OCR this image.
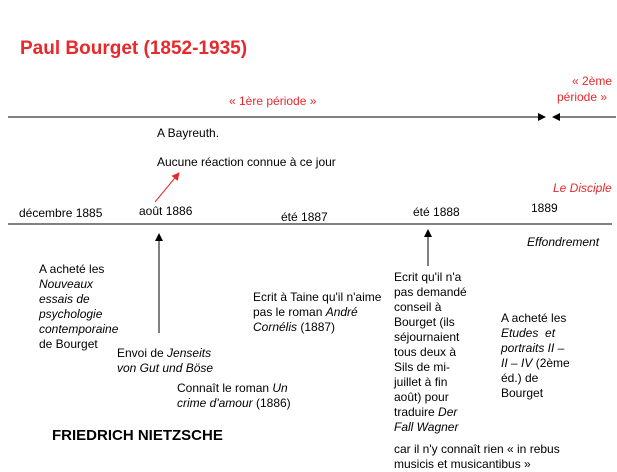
Paul Bourget (1852-1935)
« 1ère période »
« 2ème
période »
A Bayreuth.
Aucune réaction connue à ce jour
Le Disciple
décembre 1885	août 1886	été 1887	été 1888	1889
Effondrement
A acheté les
Nouveaux
essais de
psychologie
contemporaine
de Bourget
Envoi de Jenseits
von Gut und Böse
Connaît le roman Un
crime d'amour (1886)
Ecrit à Taine qu'il n'aime
pas le roman André
Cornélis (1887)
Ecrit qu'il n'a
pas demandé
conseil à
Bourget (ils
séjournaient
tous deux à
Sils de mi-
juillet à fin
août) pour
traduire Der
Fall Wagner
car il n'y connaît rien « in rebus
musicis et musicantibus »
A acheté les
Etudes  et
portraits II –
II – IV (2ème
éd.) de
Bourget
FRIEDRICH NIETZSCHE
